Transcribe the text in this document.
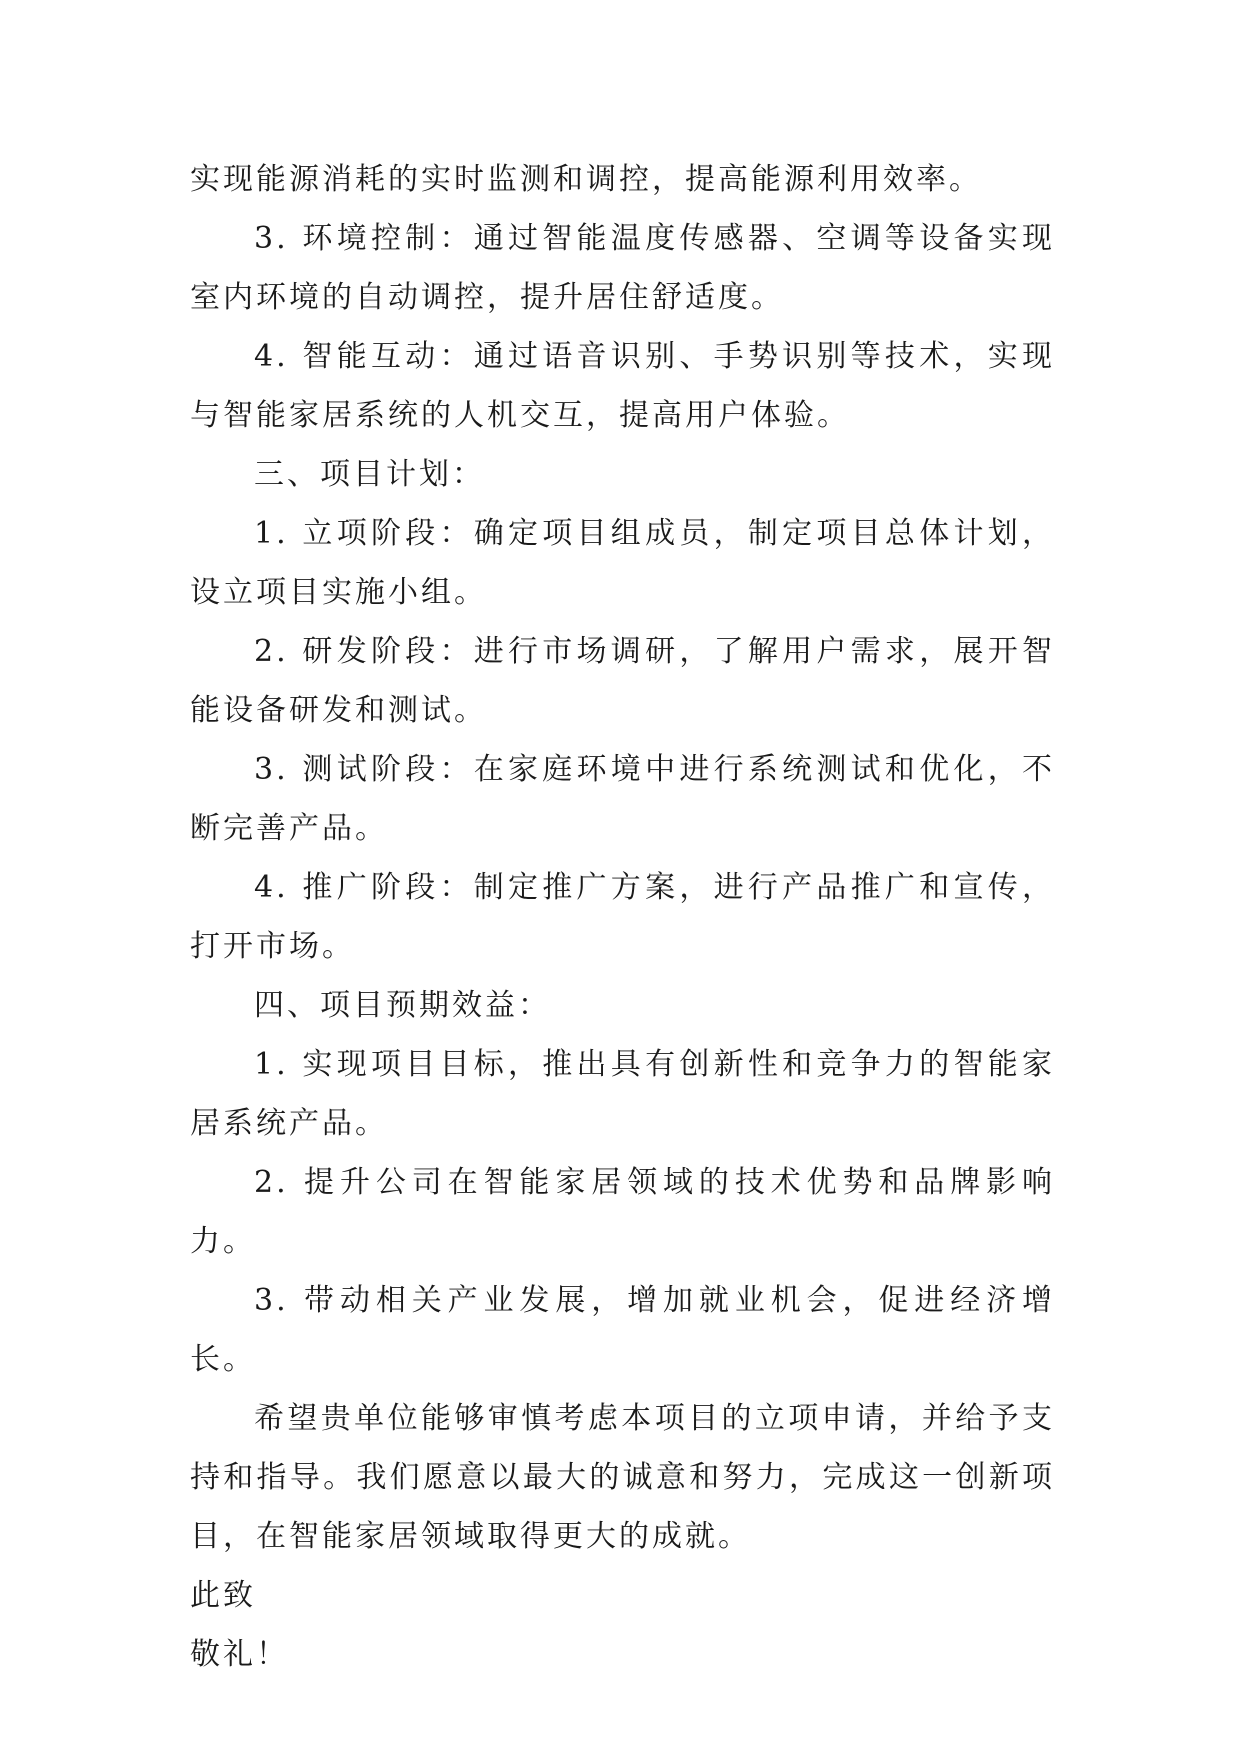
实现能源消耗的实时监测和调控，提高能源利用效率。

3. 环境控制：通过智能温度传感器、空调等设备实现室内环境的自动调控，提升居住舒适度。

4. 智能互动：通过语音识别、手势识别等技术，实现与智能家居系统的人机交互，提高用户体验。

三、项目计划：

1. 立项阶段：确定项目组成员，制定项目总体计划，设立项目实施小组。

2. 研发阶段：进行市场调研，了解用户需求，展开智能设备研发和测试。

3. 测试阶段：在家庭环境中进行系统测试和优化，不断完善产品。

4. 推广阶段：制定推广方案，进行产品推广和宣传，打开市场。

四、项目预期效益：

1. 实现项目目标，推出具有创新性和竞争力的智能家居系统产品。

2. 提升公司在智能家居领域的技术优势和品牌影响力。

3. 带动相关产业发展，增加就业机会，促进经济增长。

希望贵单位能够审慎考虑本项目的立项申请，并给予支持和指导。我们愿意以最大的诚意和努力，完成这一创新项目，在智能家居领域取得更大的成就。

此致

敬礼！
